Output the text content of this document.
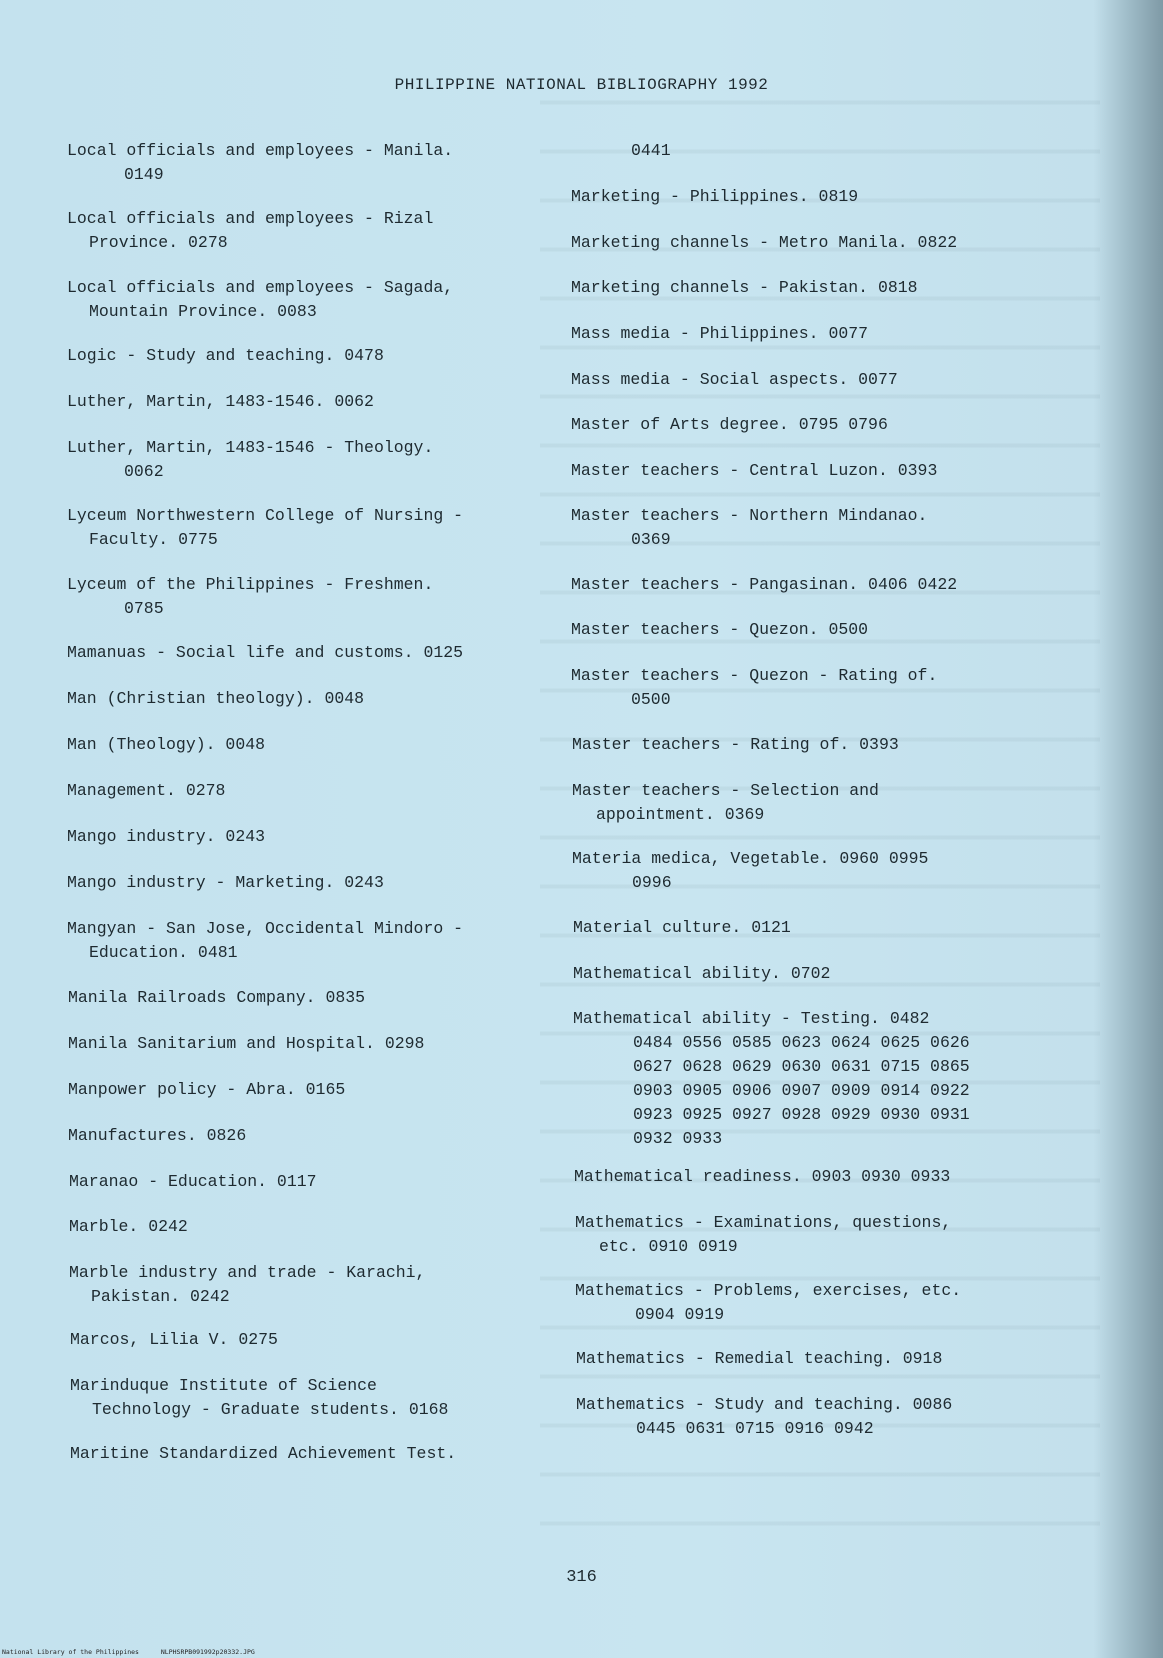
PHILIPPINE NATIONAL BIBLIOGRAPHY 1992
Local officials and employees - Manila.
0149
Local officials and employees - Rizal
Province. 0278
Local officials and employees - Sagada,
Mountain Province. 0083
Logic - Study and teaching. 0478
Luther, Martin, 1483-1546. 0062
Luther, Martin, 1483-1546 - Theology.
0062
Lyceum Northwestern College of Nursing -
Faculty. 0775
Lyceum of the Philippines - Freshmen.
0785
Mamanuas - Social life and customs. 0125
Man (Christian theology). 0048
Man (Theology). 0048
Management. 0278
Mango industry. 0243
Mango industry - Marketing. 0243
Mangyan - San Jose, Occidental Mindoro -
Education. 0481
Manila Railroads Company. 0835
Manila Sanitarium and Hospital. 0298
Manpower policy - Abra. 0165
Manufactures. 0826
Maranao - Education. 0117
Marble. 0242
Marble industry and trade - Karachi,
Pakistan. 0242
Marcos, Lilia V. 0275
Marinduque Institute of Science
Technology - Graduate students. 0168
Maritine Standardized Achievement Test.
0441
Marketing - Philippines. 0819
Marketing channels - Metro Manila. 0822
Marketing channels - Pakistan. 0818
Mass media - Philippines. 0077
Mass media - Social aspects. 0077
Master of Arts degree. 0795 0796
Master teachers - Central Luzon. 0393
Master teachers - Northern Mindanao.
0369
Master teachers - Pangasinan. 0406 0422
Master teachers - Quezon. 0500
Master teachers - Quezon - Rating of.
0500
Master teachers - Rating of. 0393
Master teachers - Selection and
appointment. 0369
Materia medica, Vegetable. 0960 0995
0996
Material culture. 0121
Mathematical ability. 0702
Mathematical ability - Testing. 0482
0484 0556 0585 0623 0624 0625 0626
0627 0628 0629 0630 0631 0715 0865
0903 0905 0906 0907 0909 0914 0922
0923 0925 0927 0928 0929 0930 0931
0932 0933
Mathematical readiness. 0903 0930 0933
Mathematics - Examinations, questions,
etc. 0910 0919
Mathematics - Problems, exercises, etc.
0904 0919
Mathematics - Remedial teaching. 0918
Mathematics - Study and teaching. 0086
0445 0631 0715 0916 0942
316
National Library of the Philippines	NLPHSRPB091992p20332.JPG
